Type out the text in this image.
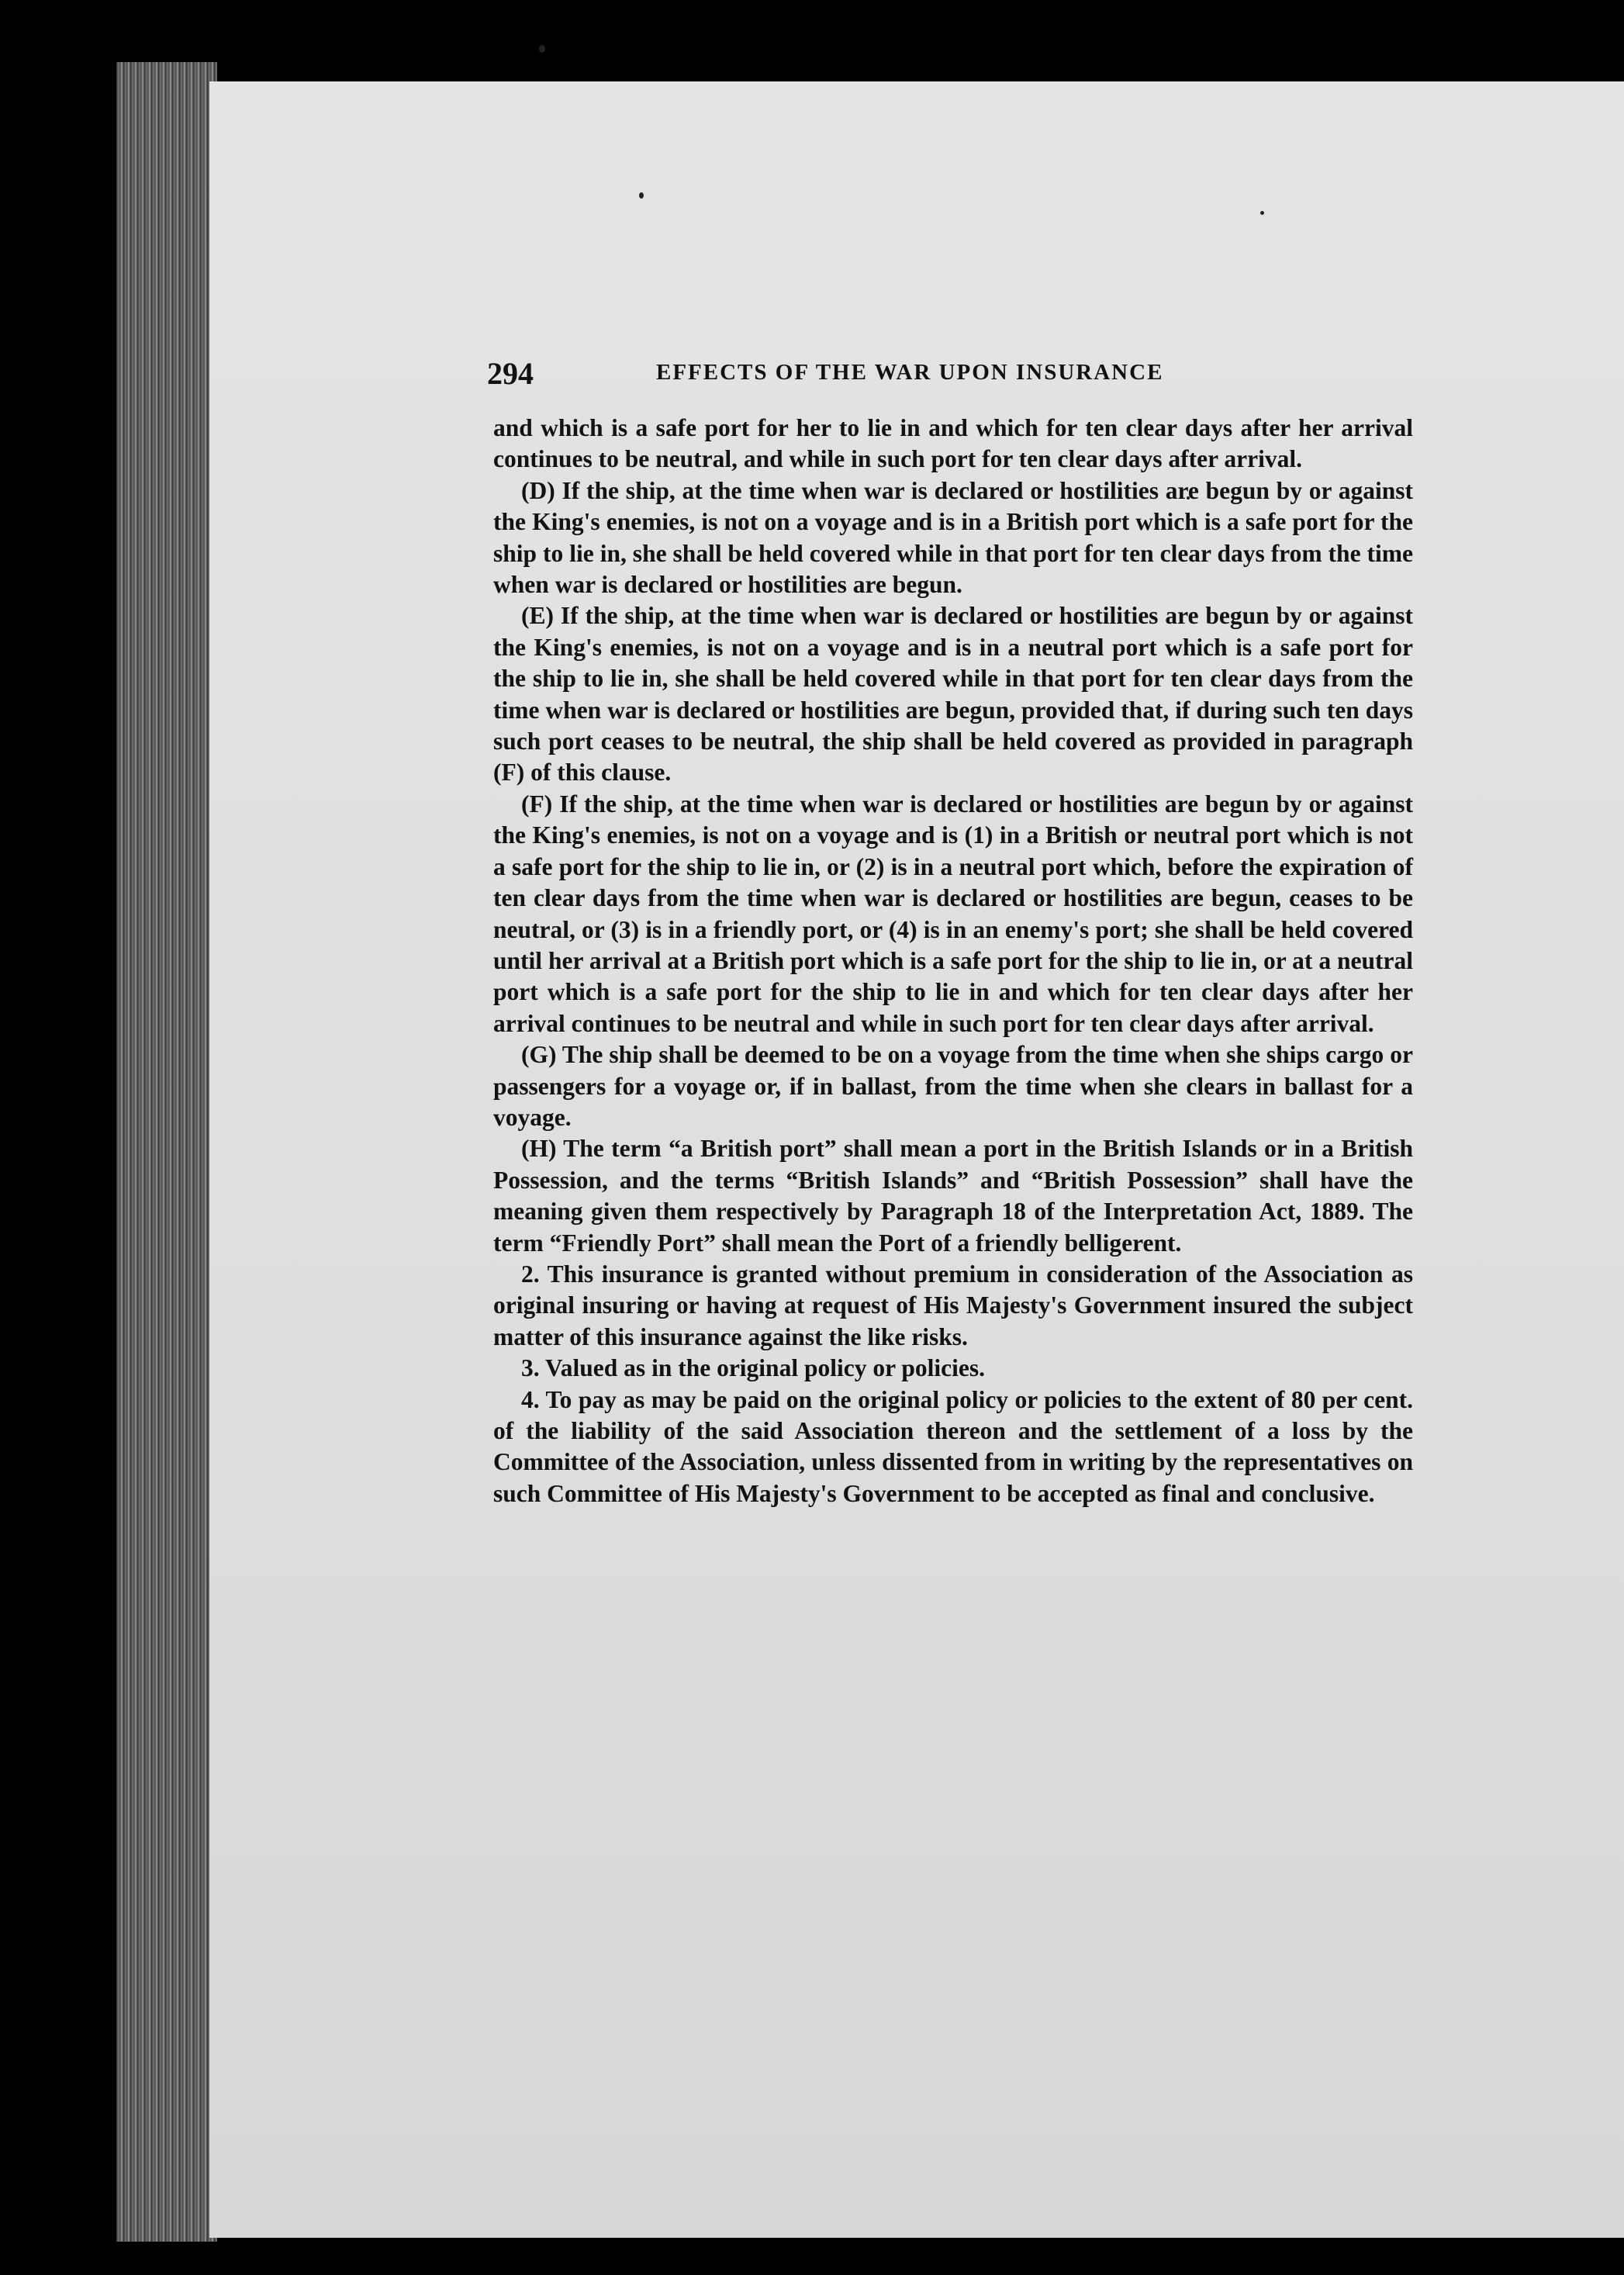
294	EFFECTS OF THE WAR UPON INSURANCE

and which is a safe port for her to lie in and which for ten clear days after her arrival continues to be neutral, and while in such port for ten clear days after arrival.

(D) If the ship, at the time when war is declared or hostilities are begun by or against the King's enemies, is not on a voyage and is in a British port which is a safe port for the ship to lie in, she shall be held covered while in that port for ten clear days from the time when war is declared or hostilities are begun.

(E) If the ship, at the time when war is declared or hostilities are begun by or against the King's enemies, is not on a voyage and is in a neutral port which is a safe port for the ship to lie in, she shall be held covered while in that port for ten clear days from the time when war is declared or hostilities are begun, provided that, if during such ten days such port ceases to be neutral, the ship shall be held covered as provided in paragraph (F) of this clause.

(F) If the ship, at the time when war is declared or hostilities are begun by or against the King's enemies, is not on a voyage and is (1) in a British or neutral port which is not a safe port for the ship to lie in, or (2) is in a neutral port which, before the expiration of ten clear days from the time when war is declared or hostilities are begun, ceases to be neutral, or (3) is in a friendly port, or (4) is in an enemy's port; she shall be held covered until her arrival at a British port which is a safe port for the ship to lie in, or at a neutral port which is a safe port for the ship to lie in and which for ten clear days after her arrival continues to be neutral and while in such port for ten clear days after arrival.

(G) The ship shall be deemed to be on a voyage from the time when she ships cargo or passengers for a voyage or, if in ballast, from the time when she clears in ballast for a voyage.

(H) The term “a British port” shall mean a port in the British Islands or in a British Possession, and the terms “British Islands” and “British Possession” shall have the meaning given them respectively by Paragraph 18 of the Interpretation Act, 1889. The term “Friendly Port” shall mean the Port of a friendly belligerent.

2. This insurance is granted without premium in consideration of the Association as original insuring or having at request of His Majesty's Government insured the subject matter of this insurance against the like risks.

3. Valued as in the original policy or policies.

4. To pay as may be paid on the original policy or policies to the extent of 80 per cent. of the liability of the said Association thereon and the settlement of a loss by the Committee of the Association, unless dissented from in writing by the representatives on such Committee of His Majesty's Government to be accepted as final and conclusive.
